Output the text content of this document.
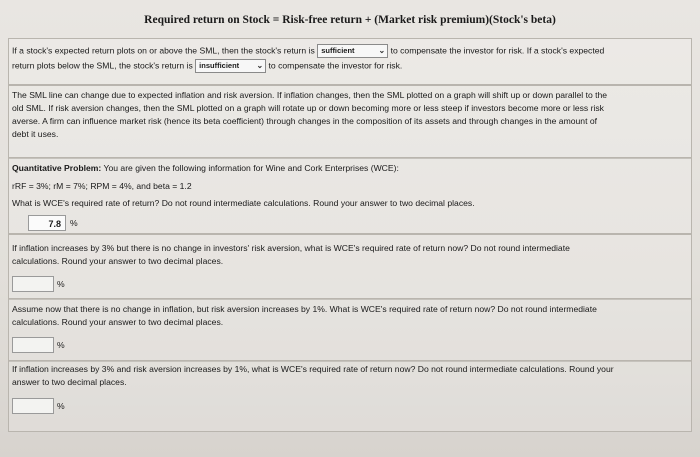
Required return on Stock = Risk-free return + (Market risk premium)(Stock's beta)
If a stock's expected return plots on or above the SML, then the stock's return is sufficient	⌄ to compensate the investor for risk. If a stock's expected
return plots below the SML, the stock's return is insufficient ⌄ to compensate the investor for risk.
The SML line can change due to expected inflation and risk aversion. If inflation changes, then the SML plotted on a graph will shift up or down parallel to the
old SML. If risk aversion changes, then the SML plotted on a graph will rotate up or down becoming more or less steep if investors become more or less risk
averse. A firm can influence market risk (hence its beta coefficient) through changes in the composition of its assets and through changes in the amount of
debt it uses.
Quantitative Problem: You are given the following information for Wine and Cork Enterprises (WCE):
rRF = 3%; rM = 7%; RPM = 4%, and beta = 1.2
What is WCE's required rate of return? Do not round intermediate calculations. Round your answer to two decimal places.
7.8	%
If inflation increases by 3% but there is no change in investors' risk aversion, what is WCE's required rate of return now? Do not round intermediate
calculations. Round your answer to two decimal places.
%
Assume now that there is no change in inflation, but risk aversion increases by 1%. What is WCE's required rate of return now? Do not round intermediate
calculations. Round your answer to two decimal places.
%
If inflation increases by 3% and risk aversion increases by 1%, what is WCE's required rate of return now? Do not round intermediate calculations. Round your
answer to two decimal places.
%
